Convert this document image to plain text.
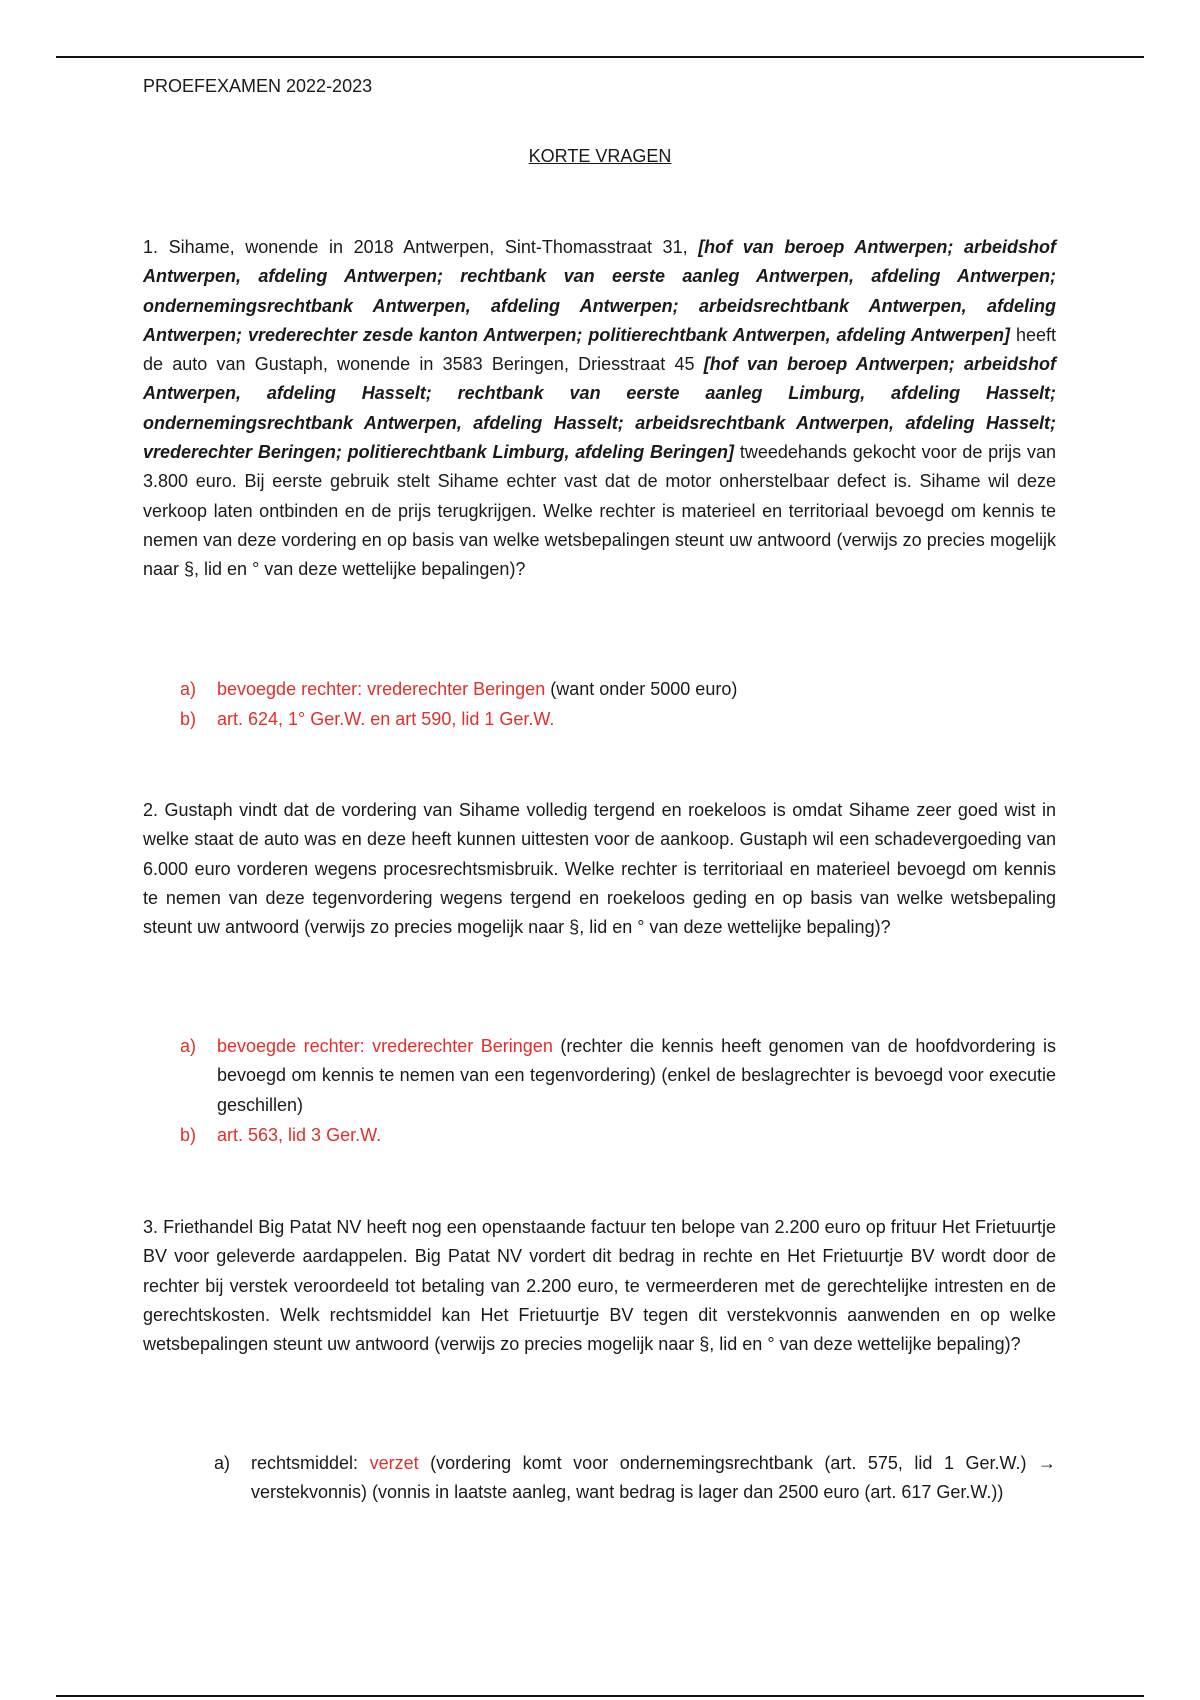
PROEFEXAMEN 2022-2023
KORTE VRAGEN

1. Sihame, wonende in 2018 Antwerpen, Sint-Thomasstraat 31, [hof van beroep Antwerpen; arbeidshof Antwerpen, afdeling Antwerpen; rechtbank van eerste aanleg Antwerpen, afdeling Antwerpen; ondernemingsrechtbank Antwerpen, afdeling Antwerpen; arbeidsrechtbank Antwerpen, afdeling Antwerpen; vrederechter zesde kanton Antwerpen; politierechtbank Antwerpen, afdeling Antwerpen] heeft de auto van Gustaph, wonende in 3583 Beringen, Driesstraat 45 [hof van beroep Antwerpen; arbeidshof Antwerpen, afdeling Hasselt; rechtbank van eerste aanleg Limburg, afdeling Hasselt; ondernemingsrechtbank Antwerpen, afdeling Hasselt; arbeidsrechtbank Antwerpen, afdeling Hasselt; vrederechter Beringen; politierechtbank Limburg, afdeling Beringen] tweedehands gekocht voor de prijs van 3.800 euro. Bij eerste gebruik stelt Sihame echter vast dat de motor onherstelbaar defect is. Sihame wil deze verkoop laten ontbinden en de prijs terugkrijgen. Welke rechter is materieel en territoriaal bevoegd om kennis te nemen van deze vordering en op basis van welke wetsbepalingen steunt uw antwoord (verwijs zo precies mogelijk naar §, lid en ° van deze wettelijke bepalingen)?

a) bevoegde rechter: vrederechter Beringen (want onder 5000 euro)
b) art. 624, 1° Ger.W. en art 590, lid 1 Ger.W.

2. Gustaph vindt dat de vordering van Sihame volledig tergend en roekeloos is omdat Sihame zeer goed wist in welke staat de auto was en deze heeft kunnen uittesten voor de aankoop. Gustaph wil een schadevergoeding van 6.000 euro vorderen wegens procesrechtsmisbruik. Welke rechter is territoriaal en materieel bevoegd om kennis te nemen van deze tegenvordering wegens tergend en roekeloos geding en op basis van welke wetsbepaling steunt uw antwoord (verwijs zo precies mogelijk naar §, lid en ° van deze wettelijke bepaling)?

a) bevoegde rechter: vrederechter Beringen (rechter die kennis heeft genomen van de hoofdvordering is bevoegd om kennis te nemen van een tegenvordering) (enkel de beslagrechter is bevoegd voor executie geschillen)
b) art. 563, lid 3 Ger.W.

3. Friethandel Big Patat NV heeft nog een openstaande factuur ten belope van 2.200 euro op frituur Het Frietuurtje BV voor geleverde aardappelen. Big Patat NV vordert dit bedrag in rechte en Het Frietuurtje BV wordt door de rechter bij verstek veroordeeld tot betaling van 2.200 euro, te vermeerderen met de gerechtelijke intresten en de gerechtskosten. Welk rechtsmiddel kan Het Frietuurtje BV tegen dit verstekvonnis aanwenden en op welke wetsbepalingen steunt uw antwoord (verwijs zo precies mogelijk naar §, lid en ° van deze wettelijke bepaling)?

a) rechtsmiddel: verzet (vordering komt voor ondernemingsrechtbank (art. 575, lid 1 Ger.W.) → verstekvonnis) (vonnis in laatste aanleg, want bedrag is lager dan 2500 euro (art. 617 Ger.W.))
